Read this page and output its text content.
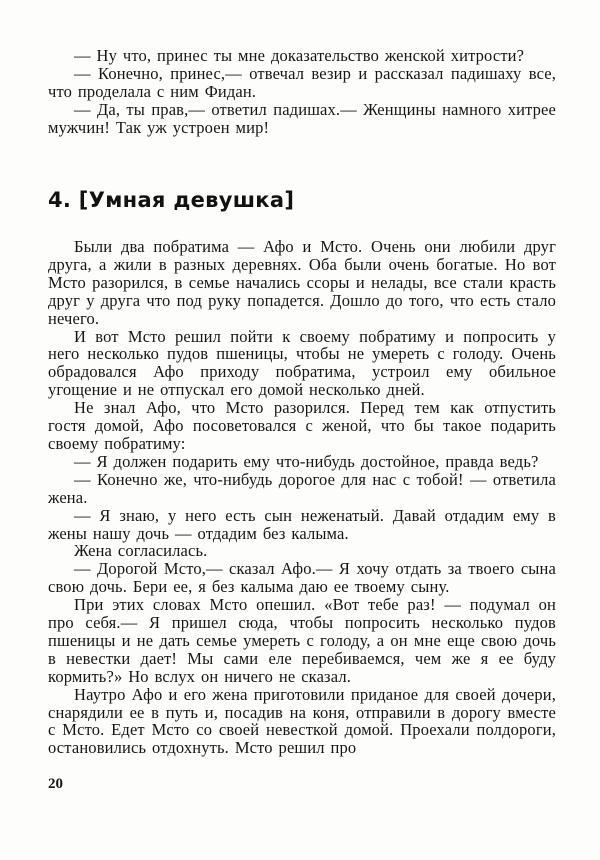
— Ну что, принес ты мне доказательство женской хитрости?

— Конечно, принес,— отвечал везир и рассказал падишаху все, что проделала с ним Фидан.

— Да, ты прав,— ответил падишах.— Женщины намного хитрее мужчин! Так уж устроен мир!

4. [Умная девушка]

Были два побратима — Афо и Мсто. Очень они любили друг друга, а жили в разных деревнях. Оба были очень богатые. Но вот Мсто разорился, в семье начались ссоры и нелады, все стали красть друг у друга что под руку попадется. Дошло до того, что есть стало нечего.

И вот Мсто решил пойти к своему побратиму и попросить у него несколько пудов пшеницы, чтобы не умереть с голоду. Очень обрадовался Афо приходу побратима, устроил ему обильное угощение и не отпускал его домой несколько дней.

Не знал Афо, что Мсто разорился. Перед тем как отпустить гостя домой, Афо посоветовался с женой, что бы такое подарить своему побратиму:

— Я должен подарить ему что-нибудь достойное, правда ведь?

— Конечно же, что-нибудь дорогое для нас с тобой! — ответила жена.

— Я знаю, у него есть сын неженатый. Давай отдадим ему в жены нашу дочь — отдадим без калыма.

Жена согласилась.

— Дорогой Мсто,— сказал Афо.— Я хочу отдать за твоего сына свою дочь. Бери ее, я без калыма даю ее твоему сыну.

При этих словах Мсто опешил. «Вот тебе раз! — подумал он про себя.— Я пришел сюда, чтобы попросить несколько пудов пшеницы и не дать семье умереть с голоду, а он мне еще свою дочь в невестки дает! Мы сами еле перебиваемся, чем же я ее буду кормить?» Но вслух он ничего не сказал.

Наутро Афо и его жена приготовили приданое для своей дочери, снарядили ее в путь и, посадив на коня, отправили в дорогу вместе с Мсто. Едет Мсто со своей невесткой домой. Проехали полдороги, остановились отдохнуть. Мсто решил про

20
